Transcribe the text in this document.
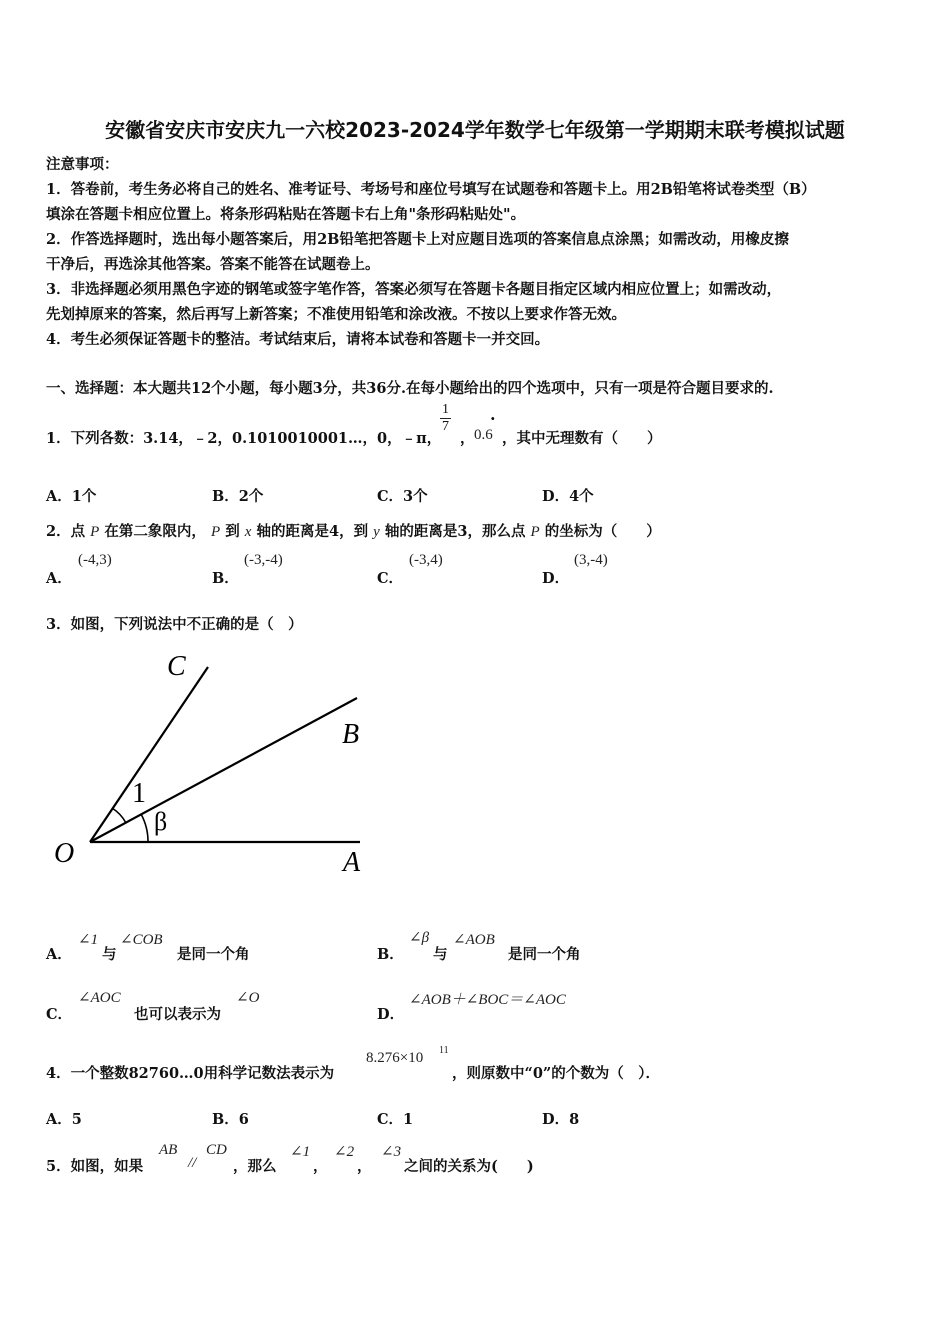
安徽省安庆市安庆九一六校2023-2024学年数学七年级第一学期期末联考模拟试题
注意事项：
1．答卷前，考生务必将自己的姓名、准考证号、考场号和座位号填写在试题卷和答题卡上。用2B铅笔将试卷类型（B）
填涂在答题卡相应位置上。将条形码粘贴在答题卡右上角"条形码粘贴处"。
2．作答选择题时，选出每小题答案后，用2B铅笔把答题卡上对应题目选项的答案信息点涂黑；如需改动，用橡皮擦
干净后，再选涂其他答案。答案不能答在试题卷上。
3．非选择题必须用黑色字迹的钢笔或签字笔作答，答案必须写在答题卡各题目指定区域内相应位置上；如需改动，
先划掉原来的答案，然后再写上新答案；不准使用铅笔和涂改液。不按以上要求作答无效。
4．考生必须保证答题卡的整洁。考试结束后，请将本试卷和答题卡一并交回。
一、选择题：本大题共12个小题，每小题3分，共36分.在每小题给出的四个选项中，只有一项是符合题目要求的.
1．下列各数：3.14，﹣2，0.1010010001…，0，﹣π，
$\frac{1}{7}$
，
·
0.6 ，其中无理数有（　　）
A．1个	B．2个	C．3个	D．4个
2．点 P 在第二象限内， P 到 x 轴的距离是4，到 y 轴的距离是3，那么点 P 的坐标为（　　）
A．
(-4,3)
B．
(-3,-4)
C．
(-3,4)
D．
(3,-4)
3．如图，下列说法中不正确的是（　）
C
B
O	A
1
β
A．
∠1
与
∠COB
是同一个角	B．
∠β
与
∠AOB
是同一个角
C．
∠AOC
也可以表示为
∠O
D．
∠AOB＋∠BOC＝∠AOC
4．一个整数82760…0用科学记数法表示为
8.276×10 11
，则原数中“0”的个数为（　）．
A．5	B．6	C．1	D．8
5．如图，如果
AB
//
CD
，那么
∠1
，
∠2
，
∠3
之间的关系为(　　)
